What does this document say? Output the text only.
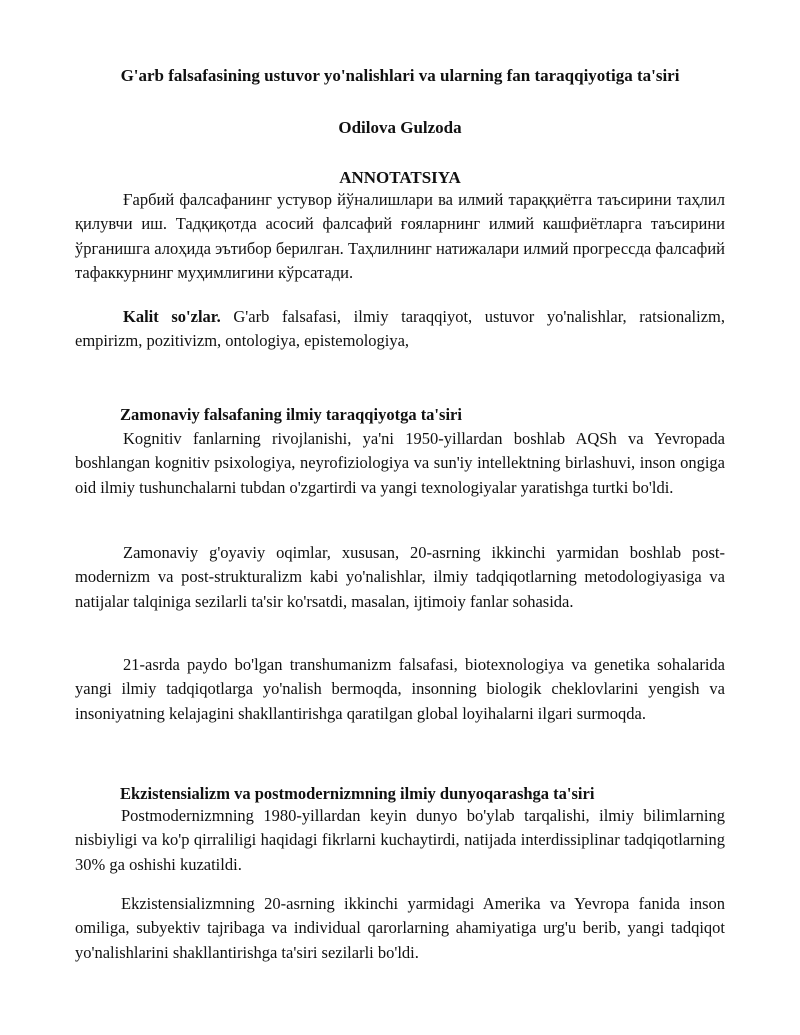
G'arb falsafasining ustuvor yo'nalishlari va ularning fan taraqqiyotiga ta'siri
Odilova Gulzoda
ANNOTATSIYA

Ғарбий фалсафанинг устувор йўналишлари ва илмий тараққиётга таъсирини таҳлил қилувчи иш. Тадқиқотда асосий фалсафий ғояларнинг илмий кашфиётларга таъсирини ўрганишга алоҳида эътибор берилган. Таҳлилнинг натижалари илмий прогрессда фалсафий тафаккурнинг муҳимлигини кўрсатади.

Kalit so'zlar. G'arb falsafasi, ilmiy taraqqiyot, ustuvor yo'nalishlar, ratsionalizm, empirizm, pozitivizm, ontologiya, epistemologiya,

Zamonaviy falsafaning ilmiy taraqqiyotga ta'siri

Kognitiv fanlarning rivojlanishi, ya'ni 1950-yillardan boshlab AQSh va Yevropada boshlangan kognitiv psixologiya, neyrofiziologiya va sun'iy intellektning birlashuvi, inson ongiga oid ilmiy tushunchalarni tubdan o'zgartirdi va yangi texnologiyalar yaratishga turtki bo'ldi.

Zamonaviy g'oyaviy oqimlar, xususan, 20-asrning ikkinchi yarmidan boshlab post-modernizm va post-strukturalizm kabi yo'nalishlar, ilmiy tadqiqotlarning metodologiyasiga va natijalar talqiniga sezilarli ta'sir ko'rsatdi, masalan, ijtimoiy fanlar sohasida.

21-asrda paydo bo'lgan transhumanizm falsafasi, biotexnologiya va genetika sohalarida yangi ilmiy tadqiqotlarga yo'nalish bermoqda, insonning biologik cheklovlarini yengish va insoniyatning kelajagini shakllantirishga qaratilgan global loyihalarni ilgari surmoqda.

Ekzistensializm va postmodernizmning ilmiy dunyoqarashga ta'siri

Postmodernizmning 1980-yillardan keyin dunyo bo'ylab tarqalishi, ilmiy bilimlarning nisbiyligi va ko'p qirraliligi haqidagi fikrlarni kuchaytirdi, natijada interdissiplinar tadqiqotlarning 30% ga oshishi kuzatildi.

Ekzistensializmning 20-asrning ikkinchi yarmidagi Amerika va Yevropa fanida inson omiliga, subyektiv tajribaga va individual qarorlarning ahamiyatiga urg'u berib, yangi tadqiqot yo'nalishlarini shakllantirishga ta'siri sezilarli bo'ldi.
